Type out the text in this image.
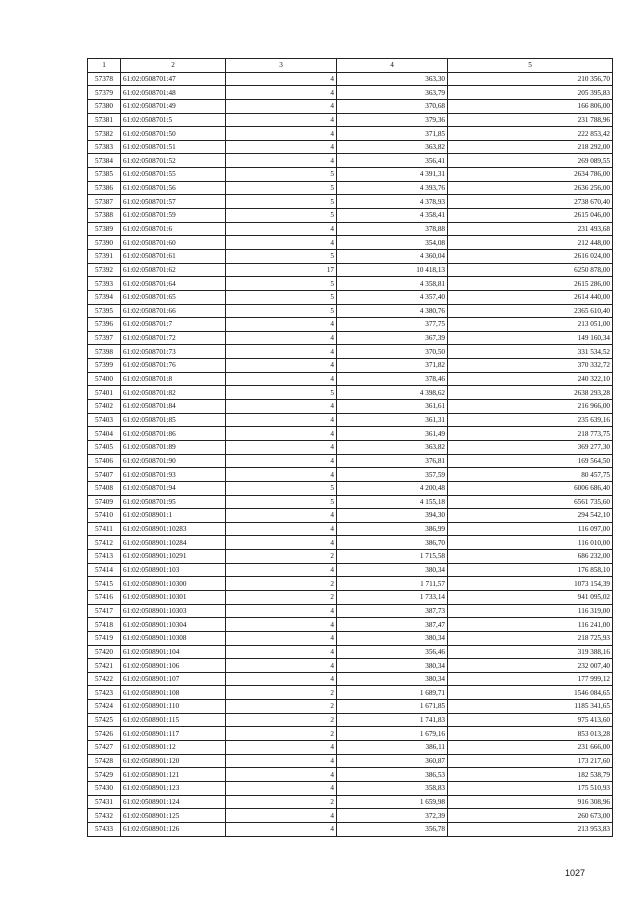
1	2	3	4	5
57378	61:02:0508701:47	4	363,30	210 356,70
57379	61:02:0508701:48	4	363,79	205 395,83
57380	61:02:0508701:49	4	370,68	166 806,00
57381	61:02:0508701:5	4	379,36	231 788,96
57382	61:02:0508701:50	4	371,85	222 853,42
57383	61:02:0508701:51	4	363,82	218 292,00
57384	61:02:0508701:52	4	356,41	269 089,55
57385	61:02:0508701:55	5	4 391,31	2634 786,00
57386	61:02:0508701:56	5	4 393,76	2636 256,00
57387	61:02:0508701:57	5	4 378,93	2738 670,40
57388	61:02:0508701:59	5	4 358,41	2615 046,00
57389	61:02:0508701:6	4	378,88	231 493,68
57390	61:02:0508701:60	4	354,08	212 448,00
57391	61:02:0508701:61	5	4 360,04	2616 024,00
57392	61:02:0508701:62	17	10 418,13	6250 878,00
57393	61:02:0508701:64	5	4 358,81	2615 286,00
57394	61:02:0508701:65	5	4 357,40	2614 440,00
57395	61:02:0508701:66	5	4 380,76	2365 610,40
57396	61:02:0508701:7	4	377,75	213 051,00
57397	61:02:0508701:72	4	367,39	149 160,34
57398	61:02:0508701:73	4	370,50	331 534,52
57399	61:02:0508701:76	4	371,82	370 332,72
57400	61:02:0508701:8	4	378,46	240 322,10
57401	61:02:0508701:82	5	4 398,62	2638 293,28
57402	61:02:0508701:84	4	361,61	216 966,00
57403	61:02:0508701:85	4	361,31	235 639,16
57404	61:02:0508701:86	4	361,49	218 773,75
57405	61:02:0508701:89	4	363,82	369 277,30
57406	61:02:0508701:90	4	376,81	169 564,50
57407	61:02:0508701:93	4	357,59	80 457,75
57408	61:02:0508701:94	5	4 200,48	6006 686,40
57409	61:02:0508701:95	5	4 155,18	6561 735,60
57410	61:02:0508901:1	4	394,30	294 542,10
57411	61:02:0508901:10283	4	386,99	116 097,00
57412	61:02:0508901:10284	4	386,70	116 010,00
57413	61:02:0508901:10291	2	1 715,58	686 232,00
57414	61:02:0508901:103	4	380,34	176 858,10
57415	61:02:0508901:10300	2	1 711,57	1073 154,39
57416	61:02:0508901:10301	2	1 733,14	941 095,02
57417	61:02:0508901:10303	4	387,73	116 319,00
57418	61:02:0508901:10304	4	387,47	116 241,00
57419	61:02:0508901:10308	4	380,34	218 725,93
57420	61:02:0508901:104	4	356,46	319 388,16
57421	61:02:0508901:106	4	380,34	232 007,40
57422	61:02:0508901:107	4	380,34	177 999,12
57423	61:02:0508901:108	2	1 689,71	1546 084,65
57424	61:02:0508901:110	2	1 671,85	1185 341,65
57425	61:02:0508901:115	2	1 741,83	975 413,60
57426	61:02:0508901:117	2	1 679,16	853 013,28
57427	61:02:0508901:12	4	386,11	231 666,00
57428	61:02:0508901:120	4	360,87	173 217,60
57429	61:02:0508901:121	4	386,53	182 538,79
57430	61:02:0508901:123	4	358,83	175 510,93
57431	61:02:0508901:124	2	1 659,98	916 308,96
57432	61:02:0508901:125	4	372,39	260 673,00
57433	61:02:0508901:126	4	356,78	213 953,83
1027
